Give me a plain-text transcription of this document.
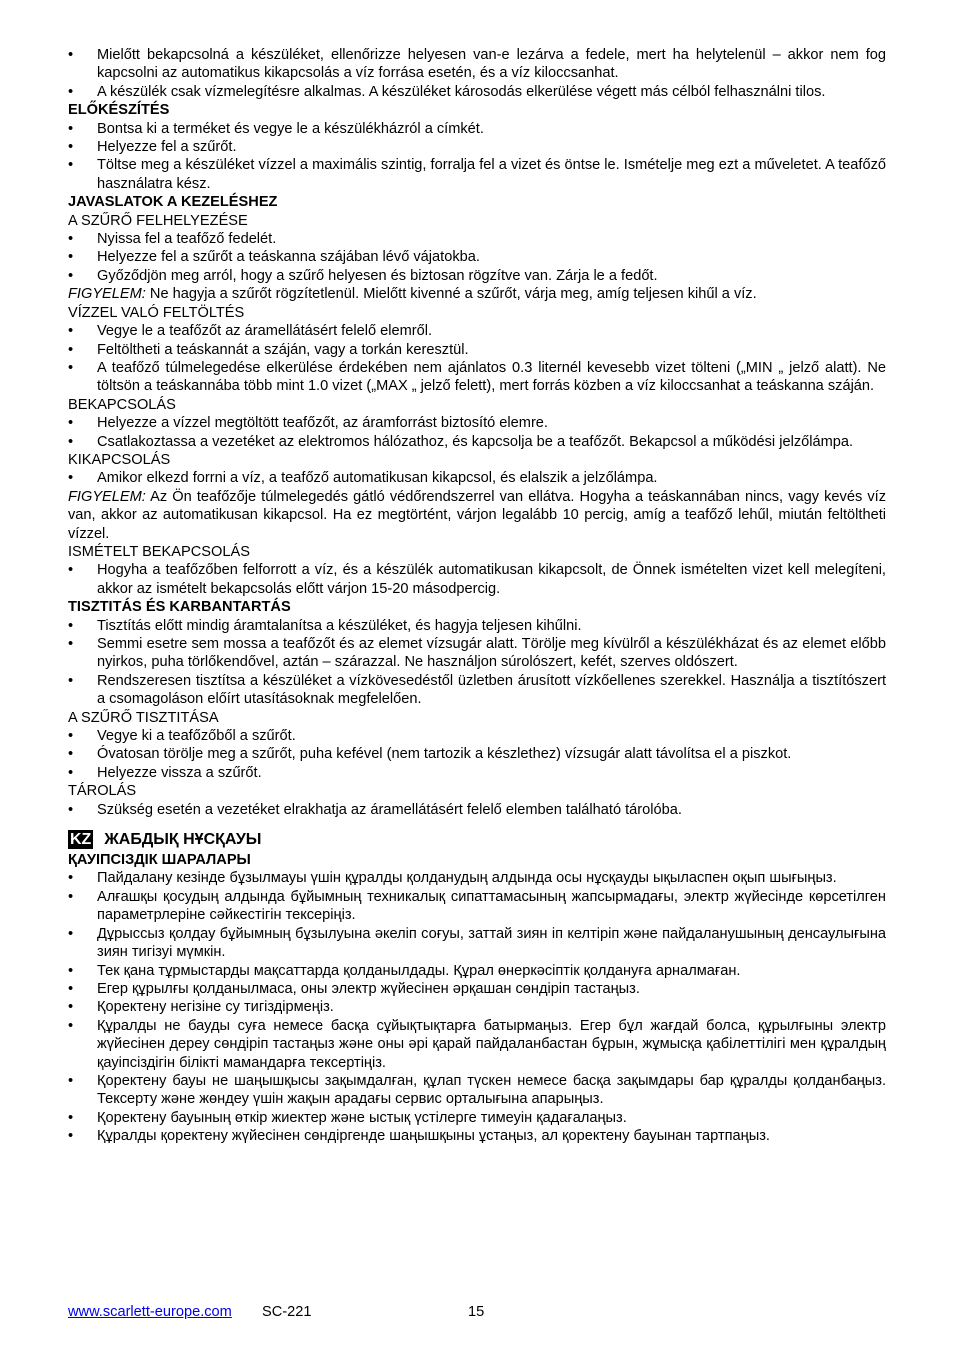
• Mielőtt bekapcsolná a készüléket, ellenőrizze helyesen van-e lezárva a fedele, mert ha helytelenül – akkor nem fog kapcsolni az automatikus kikapcsolás a víz forrása esetén, és a víz kiloccsanhat.
• A készülék csak vízmelegítésre alkalmas. A készüléket károsodás elkerülése végett más célból felhasználni tilos.
ELŐKÉSZÍTÉS
• Bontsa ki a terméket és vegye le a készülékházról a címkét.
• Helyezze fel a szűrőt.
• Töltse meg a készüléket vízzel a maximális szintig, forralja fel a vizet és öntse le. Ismételje meg ezt a műveletet. A teafőző használatra kész.
JAVASLATOK A KEZELÉSHEZ
A SZŰRŐ FELHELYEZÉSE
• Nyissa fel a teafőző fedelét.
• Helyezze fel a szűrőt a teáskanna szájában lévő vájatokba.
• Győződjön meg arról, hogy a szűrő helyesen és biztosan rögzítve van. Zárja le a fedőt.
FIGYELEM: Ne hagyja a szűrőt rögzítetlenül. Mielőtt kivenné a szűrőt, várja meg, amíg teljesen kihűl a víz.
VÍZZEL VALÓ FELTÖLTÉS
• Vegye le a teafőzőt az áramellátásért felelő elemről.
• Feltöltheti a teáskannát a száján, vagy a torkán keresztül.
• A teafőző túlmelegedése elkerülése érdekében nem ajánlatos 0.3 liternél kevesebb vizet tölteni („MIN „ jelző alatt). Ne töltsön a teáskannába több mint 1.0 vizet („MAX „ jelző felett), mert forrás közben a víz kiloccsanhat a teáskanna száján.
BEKAPCSOLÁS
• Helyezze a vízzel megtöltött teafőzőt, az áramforrást biztosító elemre.
• Csatlakoztassa a vezetéket az elektromos hálózathoz, és kapcsolja be a teafőzőt. Bekapcsol a működési jelzőlámpa.
KIKAPCSOLÁS
• Amikor elkezd forrni a víz, a teafőző automatikusan kikapcsol, és elalszik a jelzőlámpa.
FIGYELEM: Az Ön teafőzője túlmelegedés gátló védőrendszerrel van ellátva. Hogyha a teáskannában nincs, vagy kevés víz van, akkor az automatikusan kikapcsol. Ha ez megtörtént, várjon legalább 10 percig, amíg a teafőző lehűl, miután feltöltheti vízzel.
ISMÉTELT BEKAPCSOLÁS
• Hogyha a teafőzőben felforrott a víz, és a készülék automatikusan kikapcsolt, de Önnek ismételten vizet kell melegíteni, akkor az ismételt bekapcsolás előtt várjon 15-20 másodpercig.
TISZTITÁS ÉS KARBANTARTÁS
• Tisztítás előtt mindig áramtalanítsa a készüléket, és hagyja teljesen kihűlni.
• Semmi esetre sem mossa a teafőzőt és az elemet vízsugár alatt. Törölje meg kívülről a készülékházat és az elemet előbb nyirkos, puha törlőkendővel, aztán – szárazzal. Ne használjon súrolószert, kefét, szerves oldószert.
• Rendszeresen tisztítsa a készüléket a vízkövesedéstől üzletben árusított vízkőellenes szerekkel. Használja a tisztítószert a csomagoláson előírt utasításoknak megfelelően.
A SZŰRŐ TISZTITÁSA
• Vegye ki a teafőzőből a szűrőt.
• Óvatosan törölje meg a szűrőt, puha kefével (nem tartozik a készlethez) vízsugár alatt távolítsa el a piszkot.
• Helyezze vissza a szűrőt.
TÁROLÁS
• Szükség esetén a vezetéket elrakhatja az áramellátásért felelő elemben található tárolóba.
KZ ЖАБДЫҚ НҰСҚАУЫ
ҚАУІПСІЗДІК ШАРАЛАРЫ
• Пайдалану кезінде бұзылмауы үшін құралды қолданудың алдында осы нұсқауды ықыласпен оқып шығыңыз.
• Алғашқы қосудың алдында бұйымның техникалық сипаттамасының жапсырмадағы, электр жүйесінде көрсетілген параметрлеріне сәйкестігін тексеріңіз.
• Дұрыссыз қолдау бұйымның бұзылуына әкеліп соғуы, заттай зиян іп келтіріп және пайдаланушының денсаулығына зиян тигізуі мүмкін.
• Тек қана тұрмыстарды мақсаттарда қолданылдады. Құрал өнеркәсіптік қолдануға арналмаған.
• Егер құрылғы қолданылмаса, оны электр жүйесінен әрқашан сөндіріп тастаңыз.
• Қоректену негізіне су тигіздірмеңіз.
• Құралды не бауды суға немесе басқа сұйықтықтарға батырмаңыз. Егер бұл жағдай болса, құрылғыны электр жүйесінен дереу сөндіріп тастаңыз және оны әрі қарай пайдаланбастан бұрын, жұмысқа қабілеттілігі мен құралдың қауіпсіздігін білікті мамандарға тексертіңіз.
• Қоректену бауы не шаңышқысы зақымдалған, құлап түскен немесе басқа зақымдары бар құралды қолданбаңыз. Тексерту және жөндеу үшін жақын арадағы сервис орталығына апарыңыз.
• Қоректену бауының өткір жиектер және ыстық үстілерге тимеуін қадағалаңыз.
• Құралды қоректену жүйесінен сөндіргенде шаңышқыны ұстаңыз, ал қоректену бауынан тартпаңыз.
www.scarlett-europe.com SC-221	15
